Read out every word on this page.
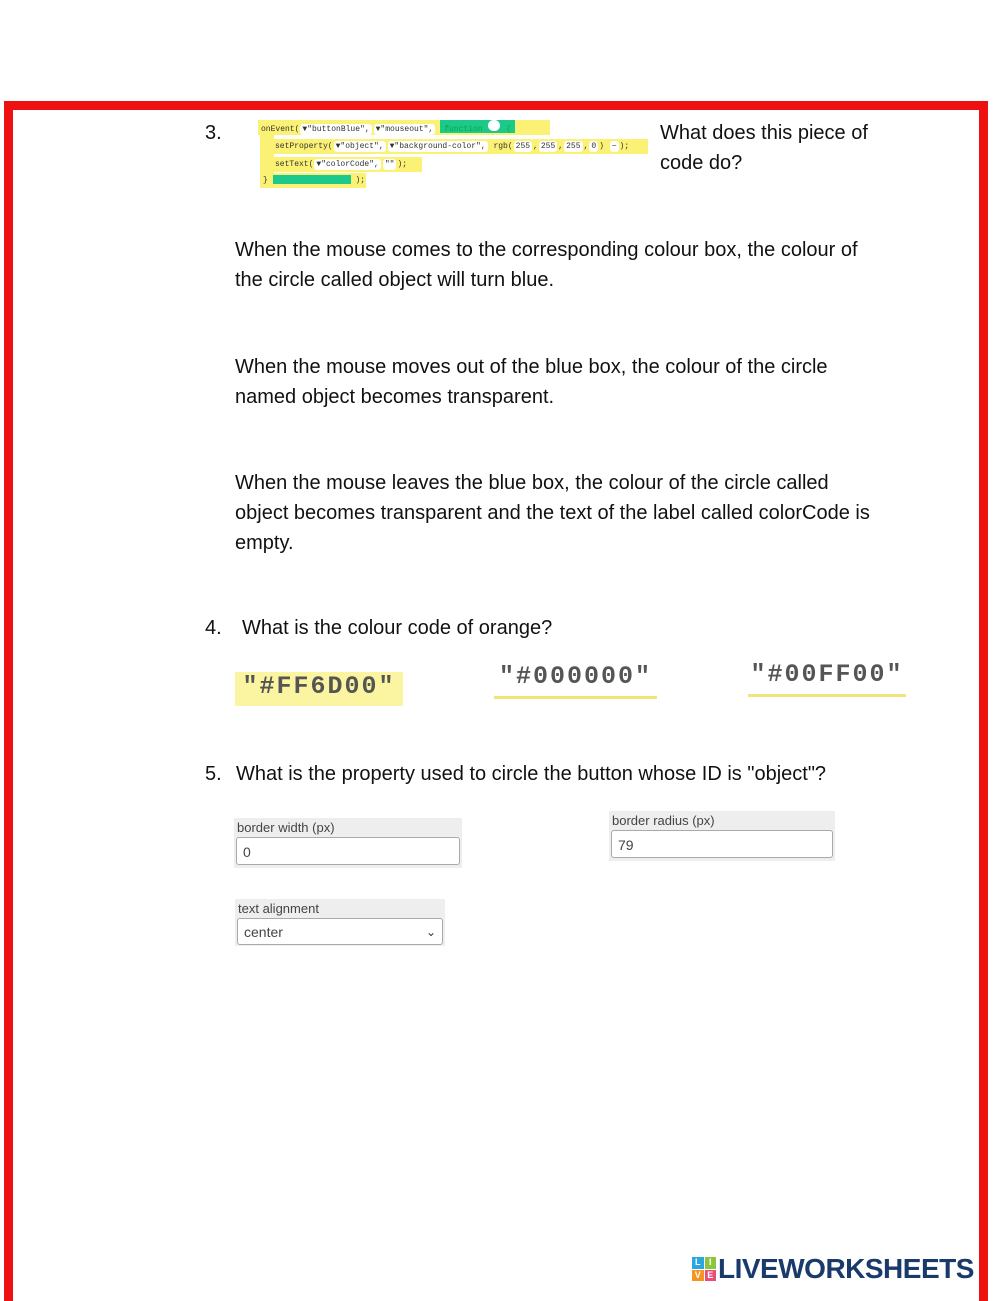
3.	onEvent( ▼"buttonBlue", ▼"mouseout", function	{
setProperty( ▼"object", ▼"background-color", rgb( 255 , 255 , 255 , 0 ) − );
setText( ▼"colorCode", "" );
}	);
What does this piece of code do?
When the mouse comes to the corresponding colour box, the colour of the circle called object will turn blue.
When the mouse moves out of the blue box, the colour of the circle named object becomes transparent.
When the mouse leaves the blue box, the colour of the circle called object becomes transparent and the text of the label called colorCode is empty.
4. What is the colour code of orange?
"#FF6D00"	"#000000"	"#00FF00"
5. What is the property used to circle the button whose ID is "object"?
border width (px)
0
border radius (px)
79
text alignment
center	⌄
L I
V E LIVEWORKSHEETS
